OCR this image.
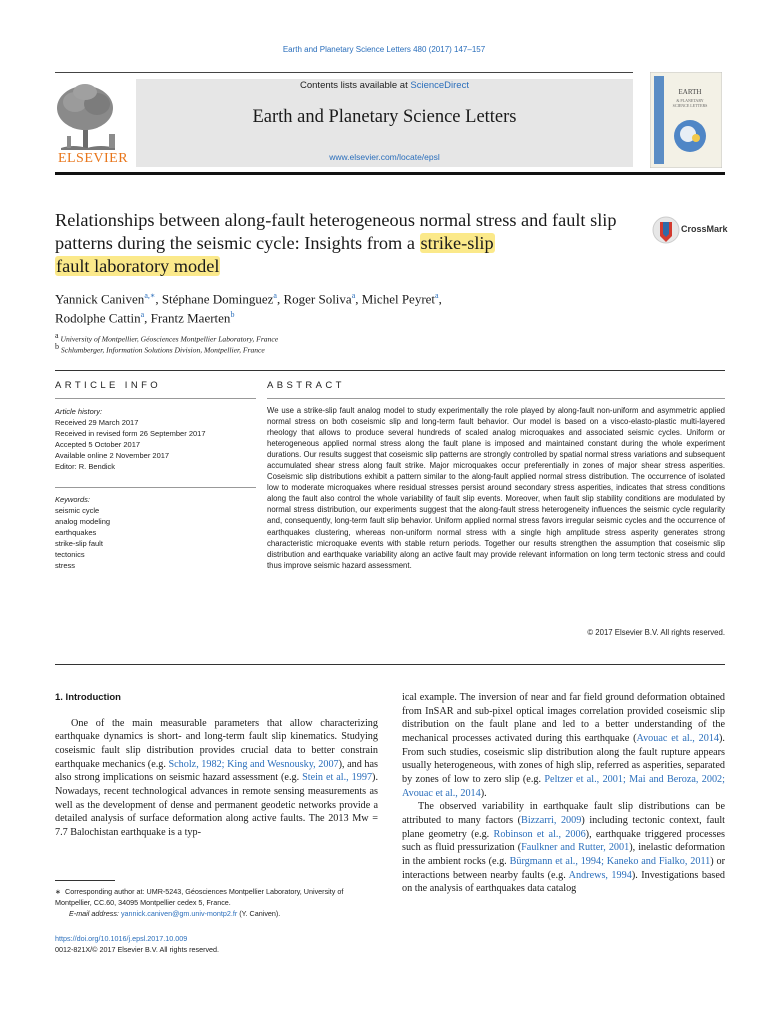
Earth and Planetary Science Letters 480 (2017) 147–157
Contents lists available at ScienceDirect
Earth and Planetary Science Letters
www.elsevier.com/locate/epsl
ELSEVIER
EARTH
& PLANETARY
SCIENCE LETTERS
Relationships between along-fault heterogeneous normal stress and fault slip patterns during the seismic cycle: Insights from a strike-slip
fault laboratory model
CrossMark
Yannick Caniven$^{a,∗}$, Stéphane Dominguez$^a$, Roger Soliva$^a$, Michel Peyret$^a$,
Rodolphe Cattin$^a$, Frantz Maerten$^b$
$^a$ University of Montpellier, Géosciences Montpellier Laboratory, France
$^b$ Schlumberger, Information Solutions Division, Montpellier, France
ARTICLE INFO	ABSTRACT
Article history:
Received 29 March 2017
Received in revised form 26 September 2017
Accepted 5 October 2017
Available online 2 November 2017
Editor: R. Bendick
Keywords:
seismic cycle
analog modeling
earthquakes
strike-slip fault
tectonics
stress
We use a strike-slip fault analog model to study experimentally the role played by along-fault non-uniform and asymmetric applied normal stress on both coseismic slip and long-term fault behavior. Our model is based on a visco-elasto-plastic multi-layered rheology that allows to produce several hundreds of scaled analog microquakes and associated seismic cycles. Uniform or heterogeneous applied normal stress along the fault plane is imposed and maintained constant during the whole experiment durations. Our results suggest that coseismic slip patterns are strongly controlled by spatial normal stress variations and subsequent accumulated shear stress along fault strike. Major microquakes occur preferentially in zones of major shear stress asperities. Coseismic slip distributions exhibit a pattern similar to the along-fault applied normal stress distribution. The occurrence of isolated low to moderate microquakes where residual stresses persist around secondary stress asperities, indicates that stress conditions along the fault also control the whole variability of fault slip events. Moreover, when fault slip stability conditions are modulated by normal stress distribution, our experiments suggest that the along-fault stress heterogeneity influences the seismic cycle regularity and, consequently, long-term fault slip behavior. Uniform applied normal stress favors irregular seismic cycles and the occurrence of earthquakes clustering, whereas non-uniform normal stress with a single high amplitude stress asperity generates strong characteristic microquake events with stable return periods. Together our results strengthen the assumption that coseismic slip distribution and earthquake variability along an active fault may provide relevant information on long term tectonic stress and could thus improve seismic hazard assessment.
© 2017 Elsevier B.V. All rights reserved.
1. Introduction

One of the main measurable parameters that allow characterizing earthquake dynamics is short- and long-term fault slip kinematics. Studying coseismic fault slip distribution provides crucial data to better constrain earthquake mechanics (e.g. Scholz, 1982; King and Wesnousky, 2007), and has also strong implications on seismic hazard assessment (e.g. Stein et al., 1997). Nowadays, recent technological advances in remote sensing measurements as well as the development of dense and permanent geodetic networks provide a detailed analysis of surface deformation along active faults. The 2013 Mw = 7.7 Balochistan earthquake is a typ-

ical example. The inversion of near and far field ground deformation obtained from InSAR and sub-pixel optical images correlation provided coseismic slip distribution on the fault plane and led to a better understanding of the mechanical processes activated during this earthquake (Avouac et al., 2014). From such studies, coseismic slip distribution along the fault rupture appears usually heterogeneous, with zones of high slip, referred as asperities, separated by zones of low to zero slip (e.g. Peltzer et al., 2001; Mai and Beroza, 2002; Avouac et al., 2014).

The observed variability in earthquake fault slip distributions can be attributed to many factors (Bizzarri, 2009) including tectonic context, fault plane geometry (e.g. Robinson et al., 2006), earthquake triggered processes such as fluid pressurization (Faulkner and Rutter, 2001), inelastic deformation in the ambient rocks (e.g. Bürgmann et al., 1994; Kaneko and Fialko, 2011) or interactions between nearby faults (e.g. Andrews, 1994). Investigations based on the analysis of earthquakes data catalog

∗  Corresponding author at: UMR-5243, Géosciences Montpellier Laboratory, University of Montpellier, CC.60, 34095 Montpellier cedex 5, France.
E-mail address: yannick.caniven@gm.univ-montp2.fr (Y. Caniven).
https://doi.org/10.1016/j.epsl.2017.10.009
0012-821X/© 2017 Elsevier B.V. All rights reserved.
